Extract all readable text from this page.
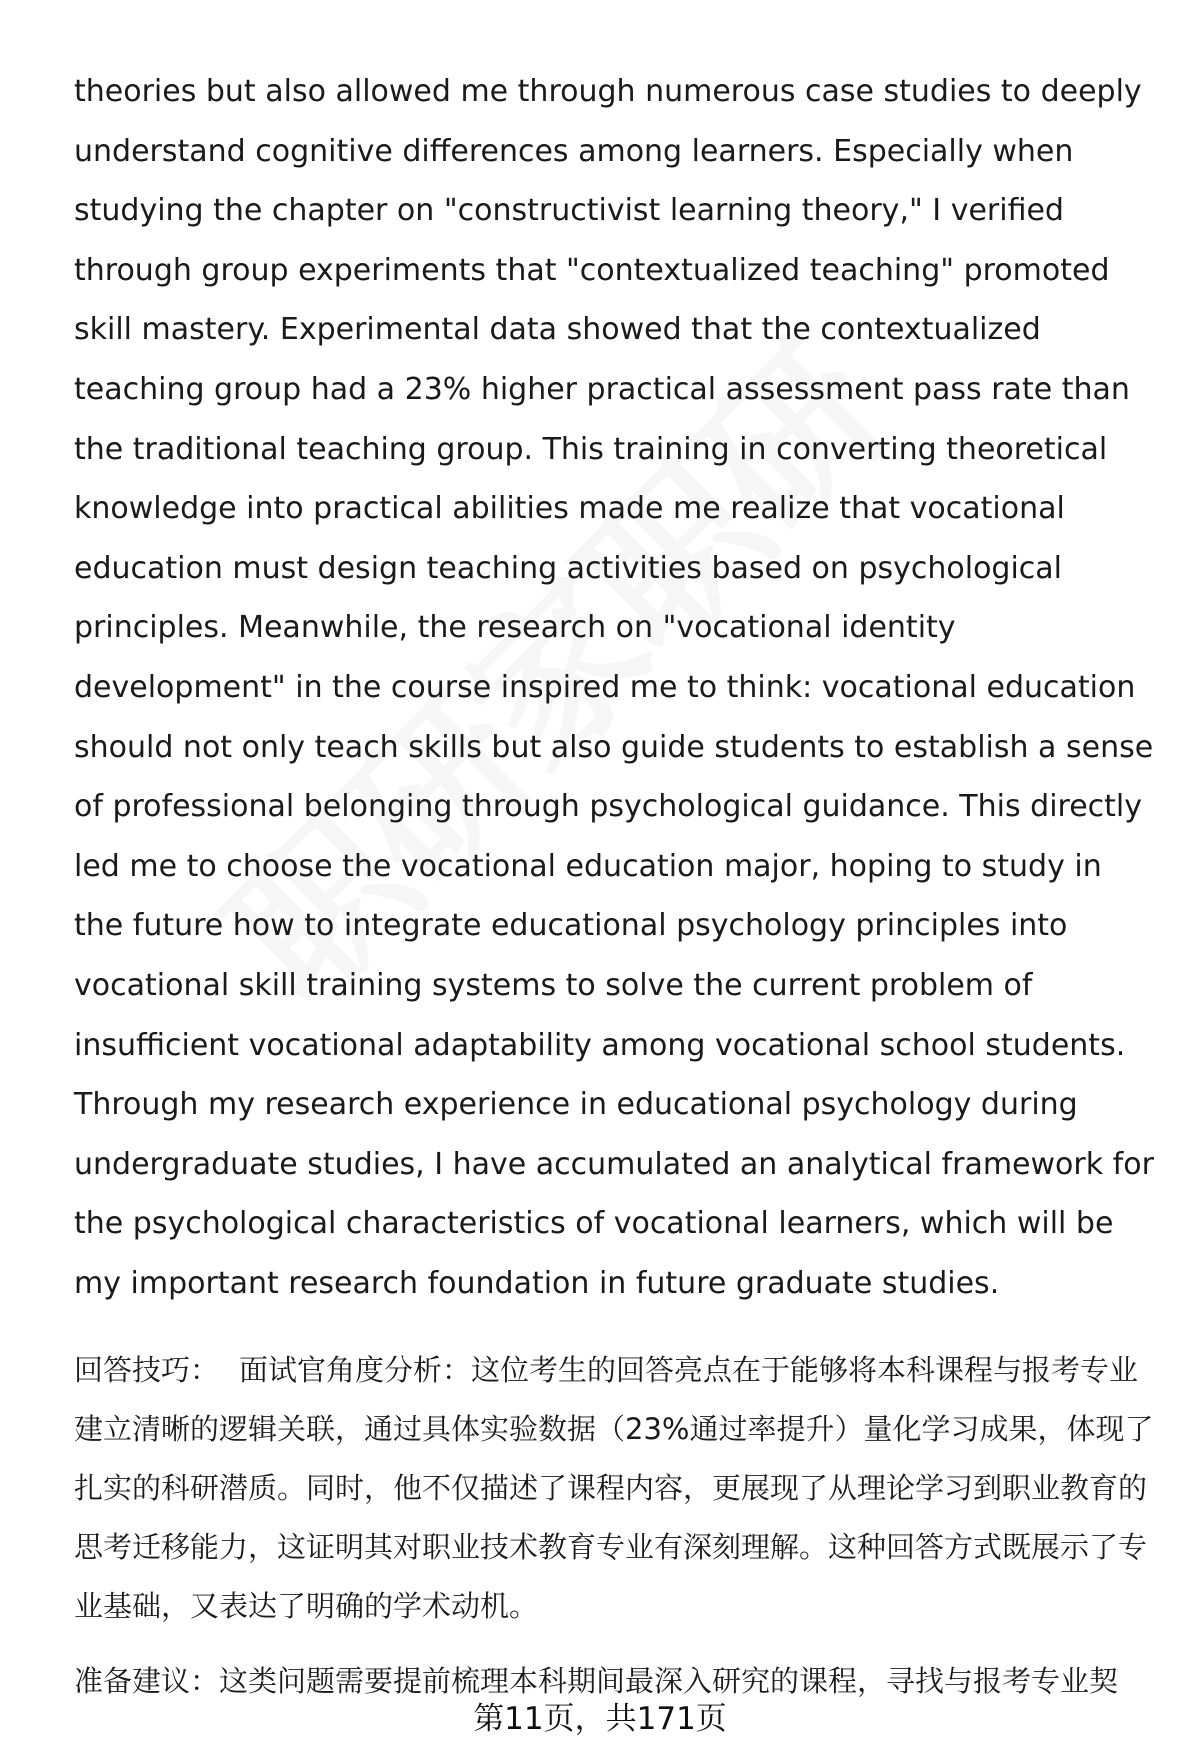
theories but also allowed me through numerous case studies to deeply understand cognitive differences among learners. Especially when studying the chapter on "constructivist learning theory," I verified through group experiments that "contextualized teaching" promoted skill mastery. Experimental data showed that the contextualized teaching group had a 23% higher practical assessment pass rate than the traditional teaching group. This training in converting theoretical knowledge into practical abilities made me realize that vocational education must design teaching activities based on psychological principles. Meanwhile, the research on "vocational identity development" in the course inspired me to think: vocational education should not only teach skills but also guide students to establish a sense of professional belonging through psychological guidance. This directly led me to choose the vocational education major, hoping to study in the future how to integrate educational psychology principles into vocational skill training systems to solve the current problem of insufficient vocational adaptability among vocational school students. Through my research experience in educational psychology during undergraduate studies, I have accumulated an analytical framework for the psychological characteristics of vocational learners, which will be my important research foundation in future graduate studies.

回答技巧： 面试官角度分析：这位考生的回答亮点在于能够将本科课程与报考专业建立清晰的逻辑关联，通过具体实验数据（23%通过率提升）量化学习成果，体现了扎实的科研潜质。同时，他不仅描述了课程内容，更展现了从理论学习到职业教育的思考迁移能力，这证明其对职业技术教育专业有深刻理解。这种回答方式既展示了专业基础，又表达了明确的学术动机。
准备建议：这类问题需要提前梳理本科期间最深入研究的课程，寻找与报考专业契
第11页，共171页
